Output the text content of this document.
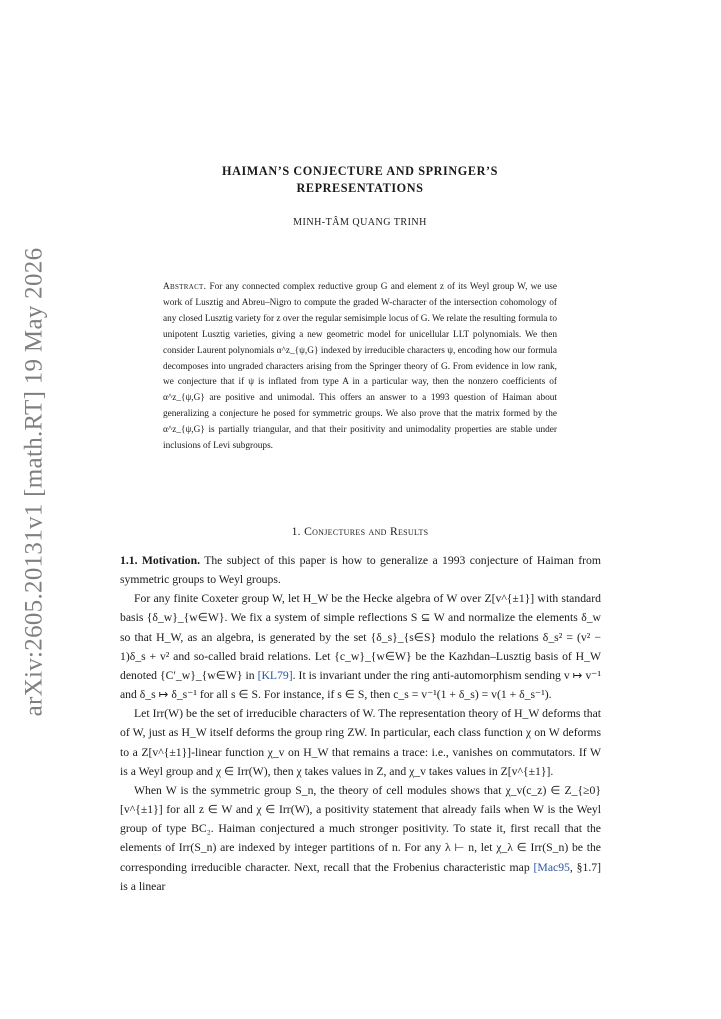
arXiv:2605.20131v1 [math.RT] 19 May 2026
HAIMAN’S CONJECTURE AND SPRINGER’S
REPRESENTATIONS
MINH-TÂM QUANG TRINH
Abstract. For any connected complex reductive group G and element z of its Weyl group W, we use work of Lusztig and Abreu–Nigro to compute the graded W-character of the intersection cohomology of any closed Lusztig variety for z over the regular semisimple locus of G. We relate the resulting formula to unipotent Lusztig varieties, giving a new geometric model for unicellular LLT polynomials. We then consider Laurent polynomials α^z_{ψ,G} indexed by irreducible characters ψ, encoding how our formula decomposes into ungraded characters arising from the Springer theory of G. From evidence in low rank, we conjecture that if ψ is inflated from type A in a particular way, then the nonzero coefficients of α^z_{ψ,G} are positive and unimodal. This offers an answer to a 1993 question of Haiman about generalizing a conjecture he posed for symmetric groups. We also prove that the matrix formed by the α^z_{ψ,G} is partially triangular, and that their positivity and unimodality properties are stable under inclusions of Levi subgroups.
1. Conjectures and Results

1.1. Motivation. The subject of this paper is how to generalize a 1993 conjecture of Haiman from symmetric groups to Weyl groups.

For any finite Coxeter group W, let H_W be the Hecke algebra of W over Z[v^{±1}] with standard basis {δ_w}_{w∈W}. We fix a system of simple reflections S ⊆ W and normalize the elements δ_w so that H_W, as an algebra, is generated by the set {δ_s}_{s∈S} modulo the relations δ_s² = (v² − 1)δ_s + v² and so-called braid relations. Let {c_w}_{w∈W} be the Kazhdan–Lusztig basis of H_W denoted {C′_w}_{w∈W} in [KL79]. It is invariant under the ring anti-automorphism sending v ↦ v⁻¹ and δ_s ↦ δ_s⁻¹ for all s ∈ S. For instance, if s ∈ S, then c_s = v⁻¹(1 + δ_s) = v(1 + δ_s⁻¹).

Let Irr(W) be the set of irreducible characters of W. The representation theory of H_W deforms that of W, just as H_W itself deforms the group ring ZW. In particular, each class function χ on W deforms to a Z[v^{±1}]-linear function χ_v on H_W that remains a trace: i.e., vanishes on commutators. If W is a Weyl group and χ ∈ Irr(W), then χ takes values in Z, and χ_v takes values in Z[v^{±1}].

When W is the symmetric group S_n, the theory of cell modules shows that χ_v(c_z) ∈ Z_{≥0}[v^{±1}] for all z ∈ W and χ ∈ Irr(W), a positivity statement that already fails when W is the Weyl group of type BC₂. Haiman conjectured a much stronger positivity. To state it, first recall that the elements of Irr(S_n) are indexed by integer partitions of n. For any λ ⊢ n, let χ_λ ∈ Irr(S_n) be the corresponding irreducible character. Next, recall that the Frobenius characteristic map [Mac95, §1.7] is a linear
